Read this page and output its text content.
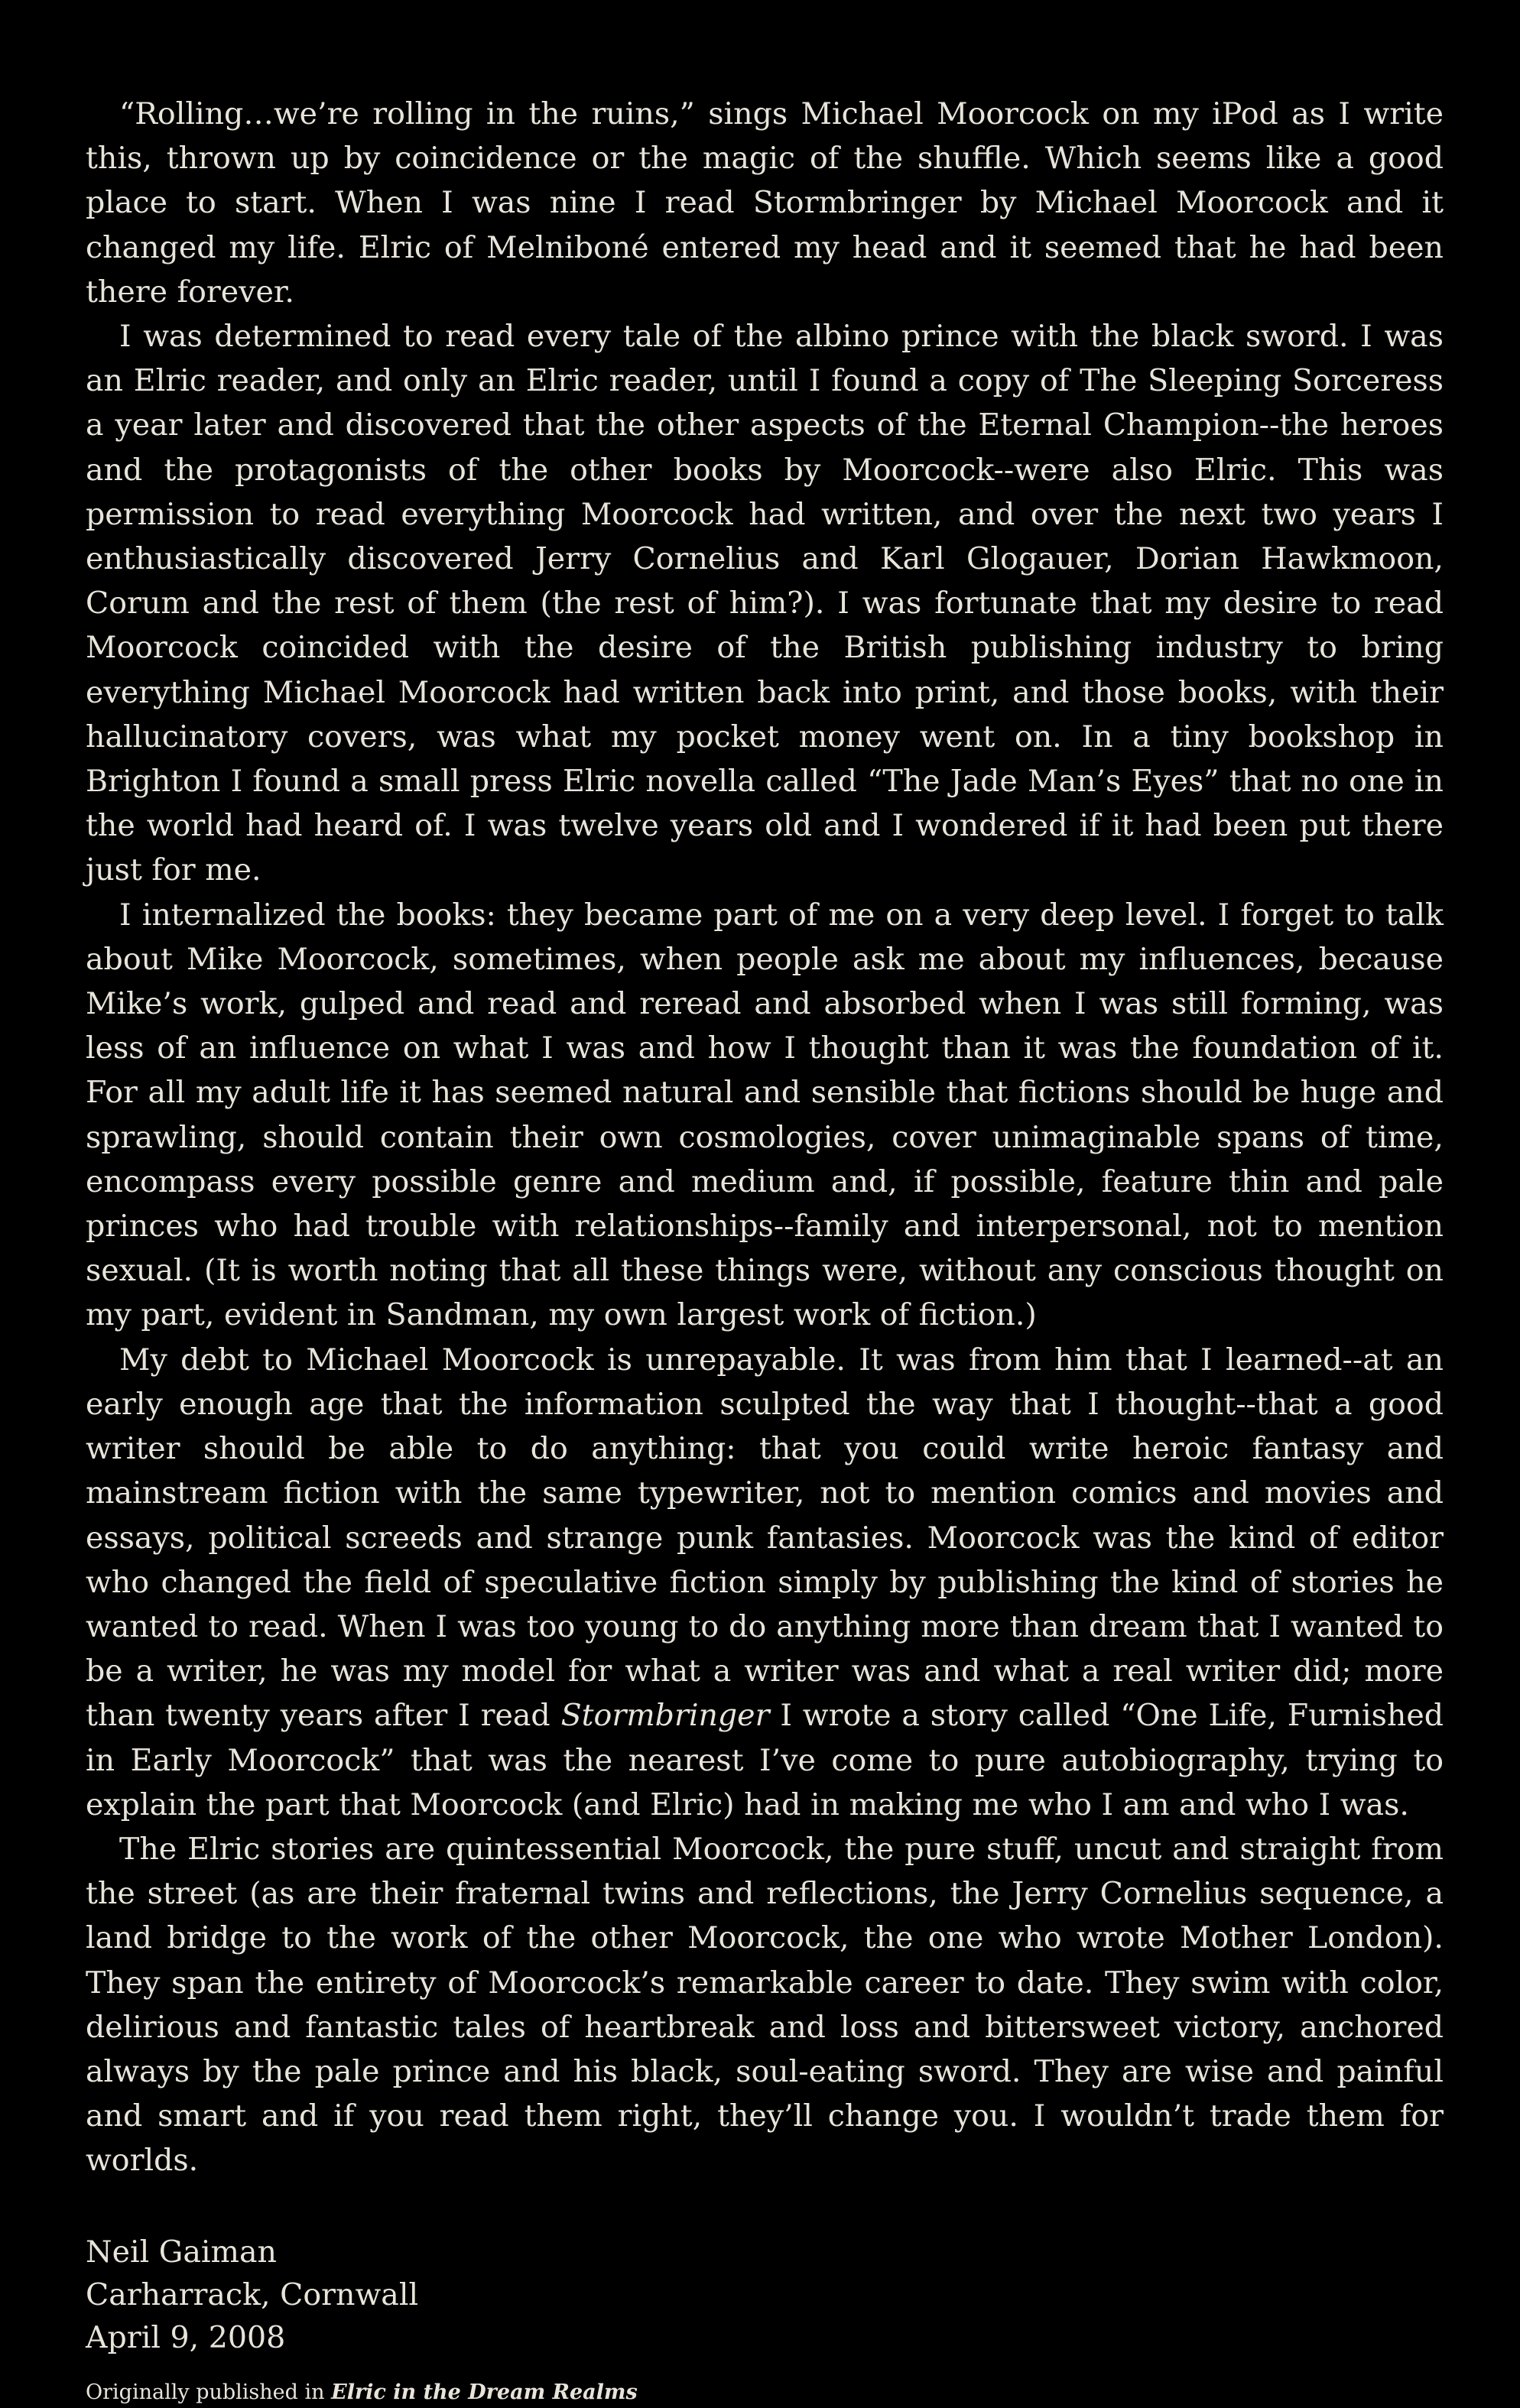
“Rolling…we’re rolling in the ruins,” sings Michael Moorcock on my iPod as I write this, thrown up by coincidence or the magic of the shuffle. Which seems like a good place to start. When I was nine I read Stormbringer by Michael Moorcock and it changed my life. Elric of Melniboné entered my head and it seemed that he had been there forever.

I was determined to read every tale of the albino prince with the black sword. I was an Elric reader, and only an Elric reader, until I found a copy of The Sleeping Sorceress a year later and discovered that the other aspects of the Eternal Champion--the heroes and the protagonists of the other books by Moorcock--were also Elric. This was permission to read everything Moorcock had written, and over the next two years I enthusiastically discovered Jerry Cornelius and Karl Glogauer, Dorian Hawkmoon, Corum and the rest of them (the rest of him?). I was fortunate that my desire to read Moorcock coincided with the desire of the British publishing industry to bring everything Michael Moorcock had written back into print, and those books, with their hallucinatory covers, was what my pocket money went on. In a tiny bookshop in Brighton I found a small press Elric novella called “The Jade Man’s Eyes” that no one in the world had heard of. I was twelve years old and I wondered if it had been put there just for me.

I internalized the books: they became part of me on a very deep level. I forget to talk about Mike Moorcock, sometimes, when people ask me about my influences, because Mike’s work, gulped and read and reread and absorbed when I was still forming, was less of an influence on what I was and how I thought than it was the foundation of it. For all my adult life it has seemed natural and sensible that fictions should be huge and sprawling, should contain their own cosmologies, cover unimaginable spans of time, encompass every possible genre and medium and, if possible, feature thin and pale princes who had trouble with relationships--family and interpersonal, not to mention sexual. (It is worth noting that all these things were, without any conscious thought on my part, evident in Sandman, my own largest work of fiction.)

My debt to Michael Moorcock is unrepayable. It was from him that I learned--at an early enough age that the information sculpted the way that I thought--that a good writer should be able to do anything: that you could write heroic fantasy and mainstream fiction with the same typewriter, not to mention comics and movies and essays, political screeds and strange punk fantasies. Moorcock was the kind of editor who changed the field of speculative fiction simply by publishing the kind of stories he wanted to read. When I was too young to do anything more than dream that I wanted to be a writer, he was my model for what a writer was and what a real writer did; more than twenty years after I read Stormbringer I wrote a story called “One Life, Furnished in Early Moorcock” that was the nearest I’ve come to pure autobiography, trying to explain the part that Moorcock (and Elric) had in making me who I am and who I was.

The Elric stories are quintessential Moorcock, the pure stuff, uncut and straight from the street (as are their fraternal twins and reflections, the Jerry Cornelius sequence, a land bridge to the work of the other Moorcock, the one who wrote Mother London). They span the entirety of Moorcock’s remarkable career to date. They swim with color, delirious and fantastic tales of heartbreak and loss and bittersweet victory, anchored always by the pale prince and his black, soul-eating sword. They are wise and painful and smart and if you read them right, they’ll change you. I wouldn’t trade them for worlds.

Neil Gaiman
Carharrack, Cornwall
April 9, 2008
Originally published in Elric in the Dream Realms
